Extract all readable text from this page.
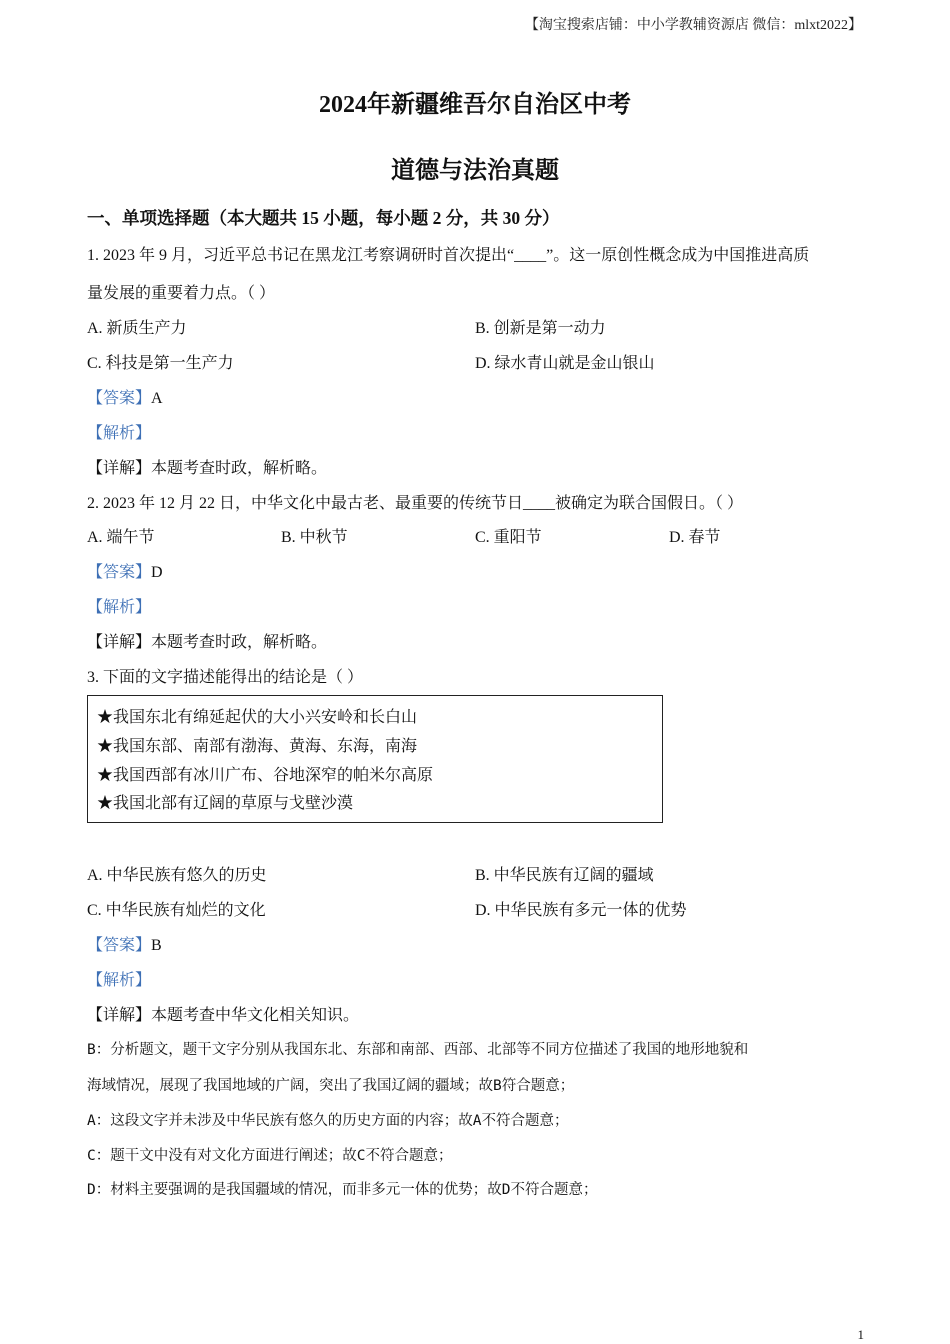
【淘宝搜索店铺：中小学教辅资源店 微信：mlxt2022】
2024年新疆维吾尔自治区中考
道德与法治真题
一、单项选择题（本大题共 15 小题，每小题 2 分，共 30 分）
1. 2023 年 9 月，习近平总书记在黑龙江考察调研时首次提出“____”。这一原创性概念成为中国推进高质
量发展的重要着力点。（ ）
A. 新质生产力	B. 创新是第一动力
C. 科技是第一生产力	D. 绿水青山就是金山银山
【答案】A
【解析】
【详解】本题考查时政，解析略。
2. 2023 年 12 月 22 日，中华文化中最古老、最重要的传统节日____被确定为联合国假日。（ ）
A. 端午节	B. 中秋节	C. 重阳节	D. 春节
【答案】D
【解析】
【详解】本题考查时政，解析略。
3. 下面的文字描述能得出的结论是（ ）
★我国东北有绵延起伏的大小兴安岭和长白山
★我国东部、南部有渤海、黄海、东海，南海
★我国西部有冰川广布、谷地深窄的帕米尔高原
★我国北部有辽阔的草原与戈壁沙漠
A. 中华民族有悠久的历史	B. 中华民族有辽阔的疆域
C. 中华民族有灿烂的文化	D. 中华民族有多元一体的优势
【答案】B
【解析】
【详解】本题考查中华文化相关知识。
B：分析题文，题干文字分别从我国东北、东部和南部、西部、北部等不同方位描述了我国的地形地貌和
海域情况，展现了我国地域的广阔，突出了我国辽阔的疆域；故B符合题意；
A：这段文字并未涉及中华民族有悠久的历史方面的内容；故A不符合题意；
C：题干文中没有对文化方面进行阐述；故C不符合题意；
D：材料主要强调的是我国疆域的情况，而非多元一体的优势；故D不符合题意；
1
